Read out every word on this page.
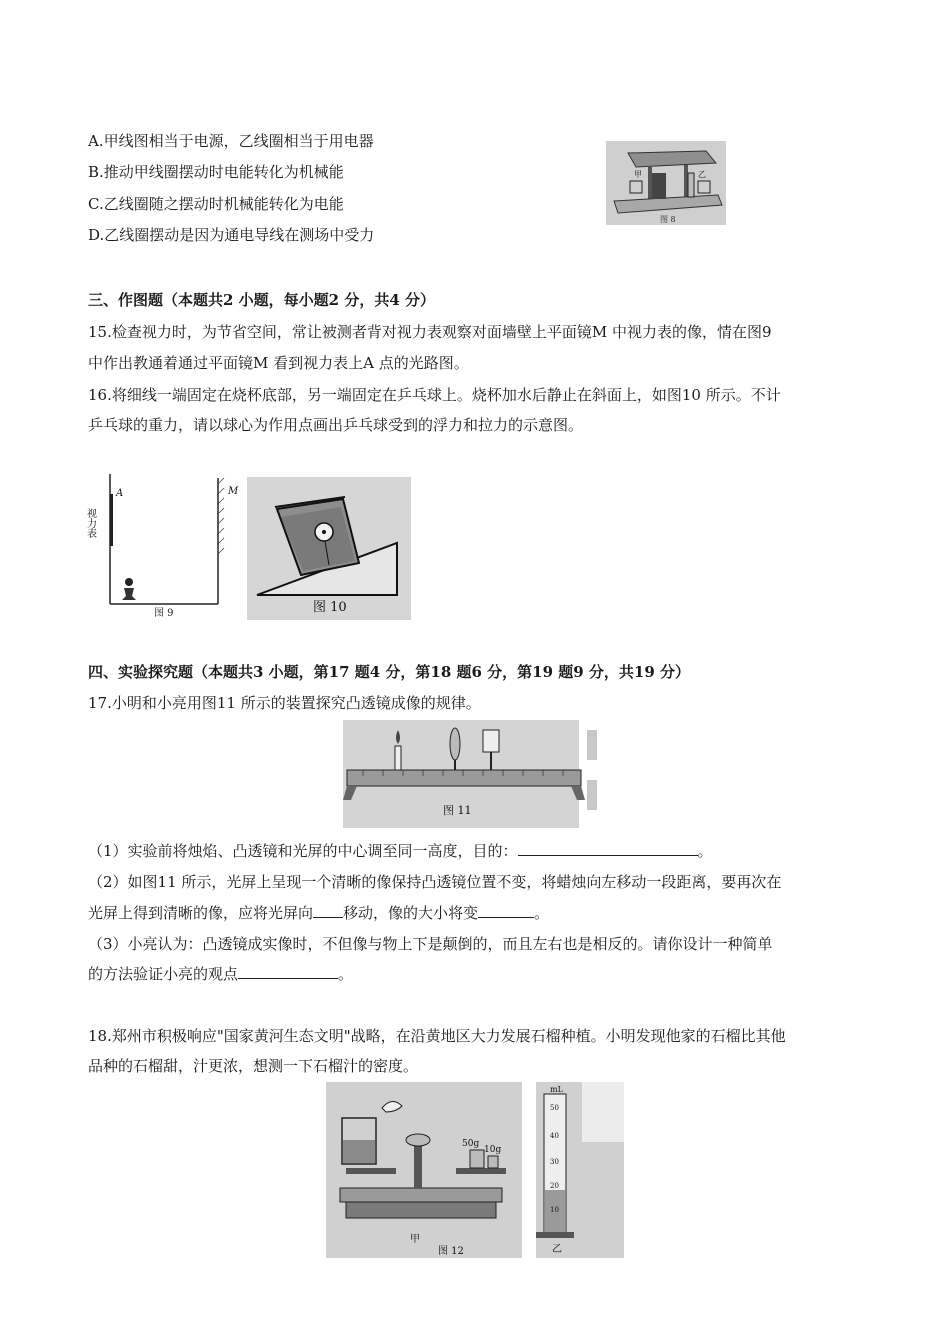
A.甲线图相当于电源，乙线圈相当于用电器
B.推动甲线圈摆动时电能转化为机械能
C.乙线圈随之摆动时机械能转化为电能
D.乙线圈摆动是因为通电导线在测场中受力
甲	乙
图 8
三、作图题（本题共2 小题，每小题2 分，共4 分）
15.检查视力时，为节省空间，常让被测者背对视力表观察对面墙壁上平面镜M 中视力表的像，情在图9
中作出教通着通过平面镜M 看到视力表上A 点的光路图。
16.将细线一端固定在烧杯底部，另一端固定在乒乓球上。烧杯加水后静止在斜面上，如图10 所示。不计
乒乓球的重力，请以球心为作用点画出乒乓球受到的浮力和拉力的示意图。
A	M
视力表
图 9	图 10
四、实验探究题（本题共3 小题，第17 题4 分，第18 题6 分，第19 题9 分，共19 分）
17.小明和小亮用图11 所示的装置探究凸透镜成像的规律。
图 11
（1）实验前将烛焰、凸透镜和光屏的中心调至同一高度，目的：	。
（2）如图11 所示，光屏上呈现一个清晰的像保持凸透镜位置不变，将蜡烛向左移动一段距离，要再次在
光屏上得到清晰的像，应将光屏向 移动，像的大小将变	。
（3）小亮认为：凸透镜成实像时，不但像与物上下是颠倒的，而且左右也是相反的。请你设计一种简单
的方法验证小亮的观点	。
18.郑州市积极响应"国家黄河生态文明"战略，在沿黄地区大力发展石榴种植。小明发现他家的石榴比其他
品种的石榴甜，汁更浓，想测一下石榴汁的密度。
50g
10g
甲
mL
50
40
30
20
10
乙
图 12
